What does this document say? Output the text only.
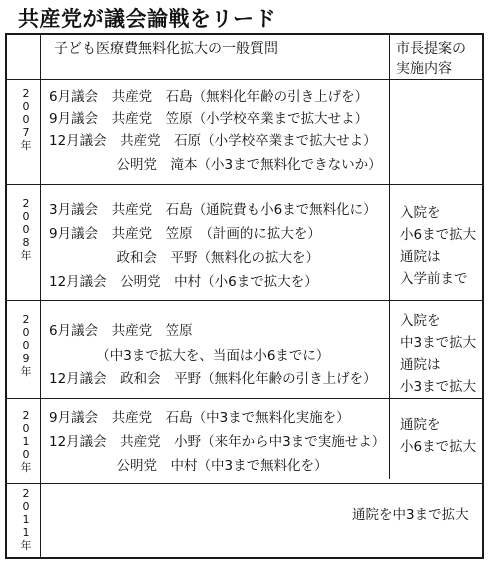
共産党が議会論戦をリード
子ども医療費無料化拡大の一般質問	市長提案の
実施内容
2
0
0
7
年
6月議会　共産党　石島（無料化年齢の引き上げを）
9月議会　共産党　笠原（小学校卒業まで拡大せよ）
12月議会　共産党　石原（小学校卒業まで拡大せよ）
　　　　　公明党　滝本（小3まで無料化できないか）
2
0
0
8
年
3月議会　共産党　石島（通院費も小6まで無料化に）
9月議会　共産党　笠原　（計画的に拡大を）
　　　　　政和会　平野（無料化の拡大を）
12月議会　公明党　中村（小6まで拡大を）
入院を
小6まで拡大
通院は
入学前まで
2
0
0
9
年
6月議会　共産党　笠原
　　　　（中3まで拡大を、当面は小6までに）
12月議会　政和会　平野（無料化年齢の引き上げを）
入院を
中3まで拡大
通院は
小3まで拡大
2
0
1
0
年
9月議会　共産党　石島（中3まで無料化実施を）
12月議会　共産党　小野（来年から中3まで実施せよ）
　　　　　公明党　中村（中3まで無料化を）
通院を
小6まで拡大
2
0
1
1
年
通院を中3まで拡大
